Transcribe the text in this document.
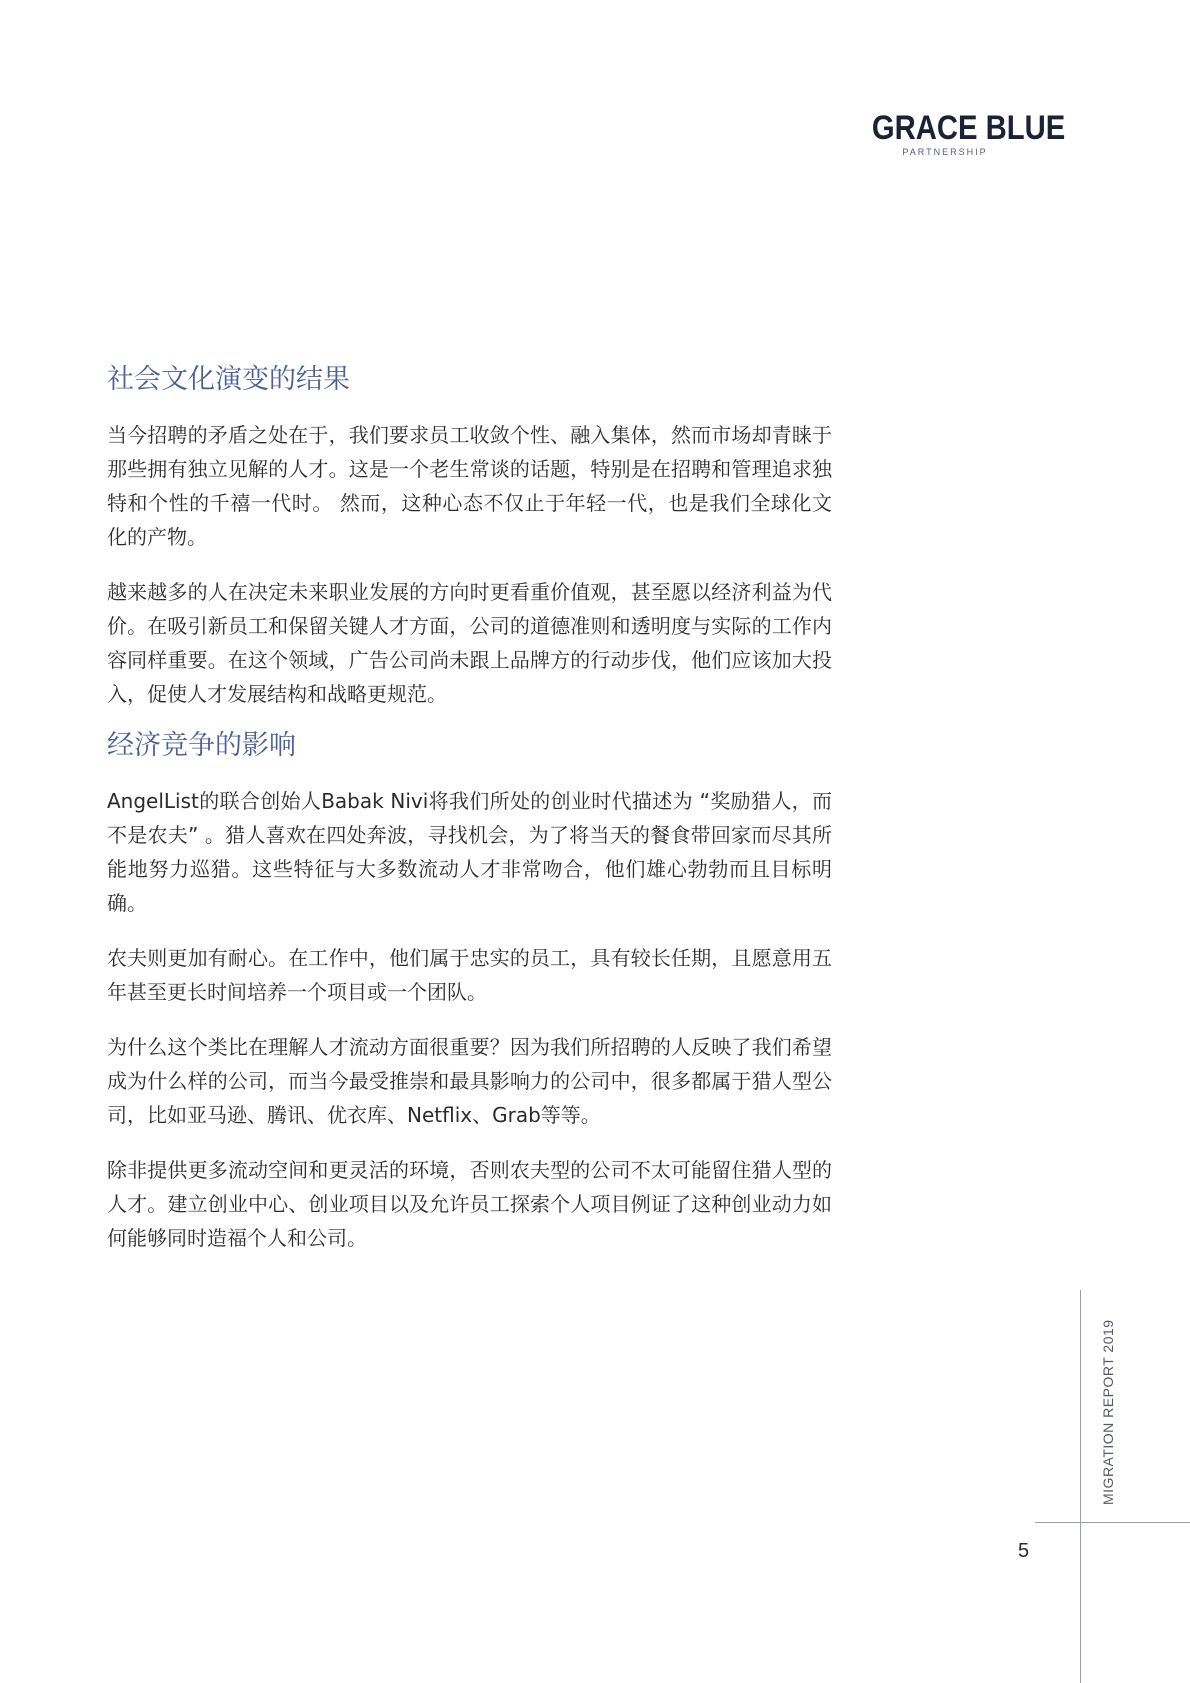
GRACE BLUE
PARTNERSHIP
社会文化演变的结果

当今招聘的矛盾之处在于，我们要求员工收敛个性、融入集体，然而市场却青睐于那些拥有独立见解的人才。这是一个老生常谈的话题，特别是在招聘和管理追求独特和个性的千禧一代时。 然而，这种心态不仅止于年轻一代，也是我们全球化文化的产物。

越来越多的人在决定未来职业发展的方向时更看重价值观，甚至愿以经济利益为代价。在吸引新员工和保留关键人才方面，公司的道德准则和透明度与实际的工作内容同样重要。在这个领域，广告公司尚未跟上品牌方的行动步伐，他们应该加大投入，促使人才发展结构和战略更规范。

经济竞争的影响

AngelList的联合创始人Babak Nivi将我们所处的创业时代描述为 “奖励猎人，而不是农夫” 。猎人喜欢在四处奔波，寻找机会，为了将当天的餐食带回家而尽其所能地努力巡猎。这些特征与大多数流动人才非常吻合，他们雄心勃勃而且目标明确。

农夫则更加有耐心。在工作中，他们属于忠实的员工，具有较长任期，且愿意用五年甚至更长时间培养一个项目或一个团队。

为什么这个类比在理解人才流动方面很重要？因为我们所招聘的人反映了我们希望成为什么样的公司，而当今最受推崇和最具影响力的公司中，很多都属于猎人型公司，比如亚马逊、腾讯、优衣库、Netflix、Grab等等。

除非提供更多流动空间和更灵活的环境，否则农夫型的公司不太可能留住猎人型的人才。建立创业中心、创业项目以及允许员工探索个人项目例证了这种创业动力如何能够同时造福个人和公司。

MIGRATION REPORT 2019
5
